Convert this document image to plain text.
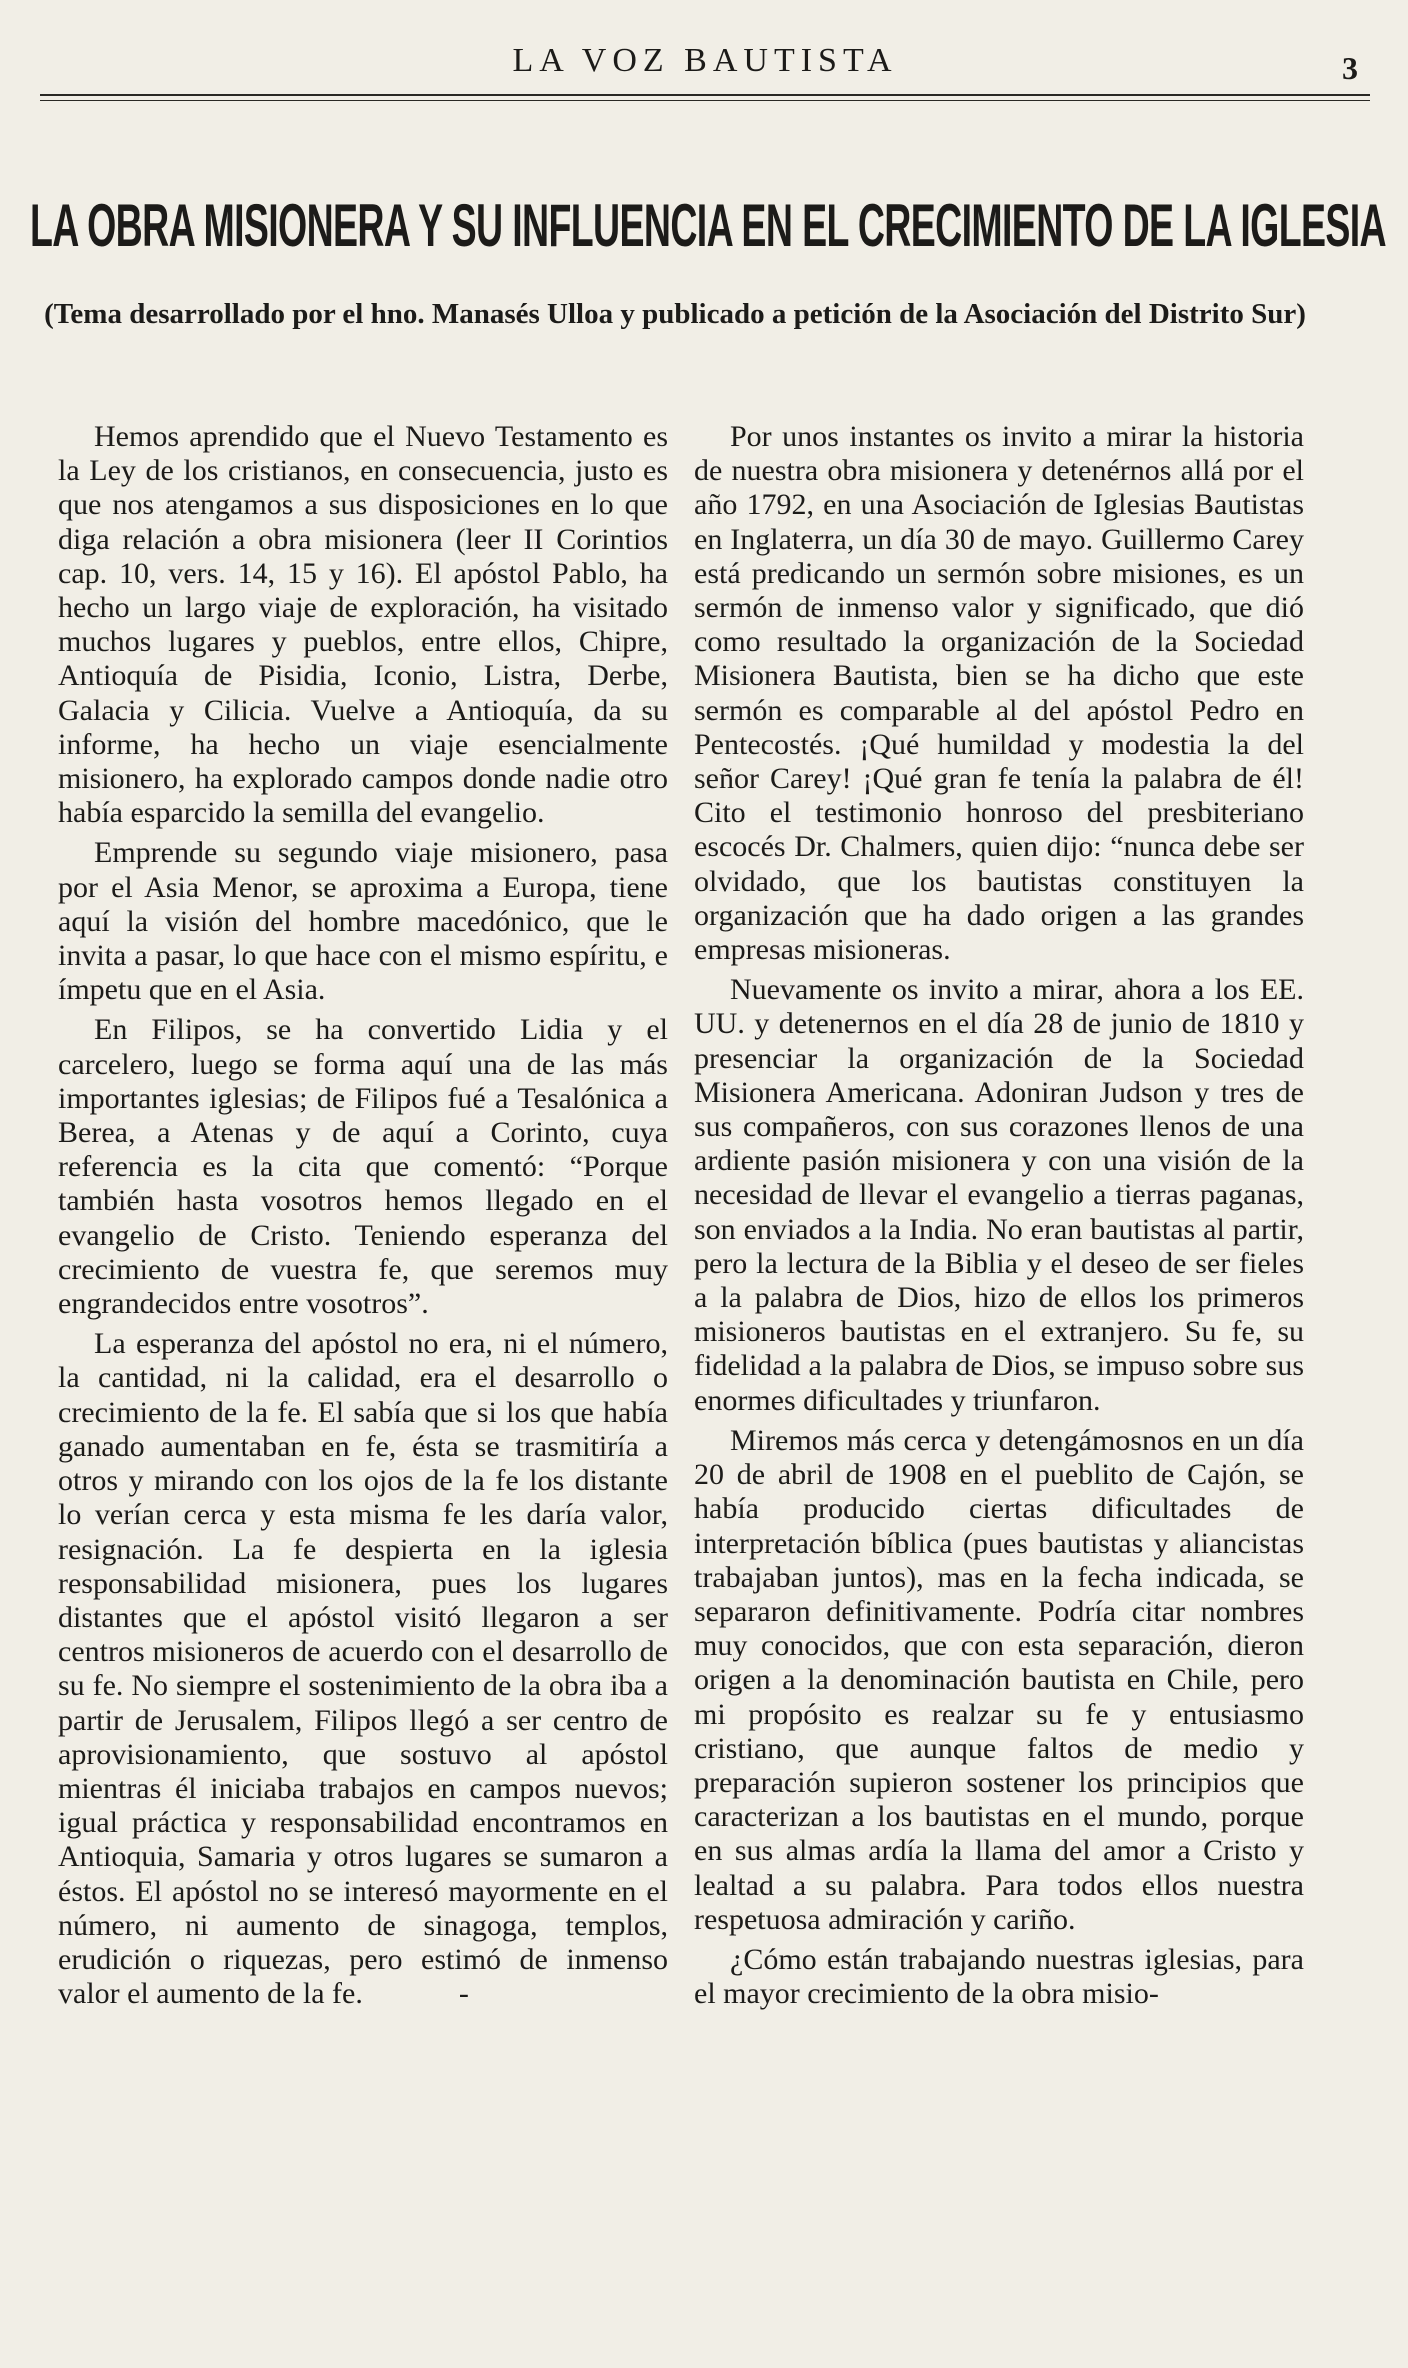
LA VOZ BAUTISTA	3
LA OBRA MISIONERA Y SU INFLUENCIA EN EL CRECIMIENTO DE LA IGLESIA
(Tema desarrollado por el hno. Manasés Ulloa y publicado a petición de la Asociación del Distrito Sur)

Hemos aprendido que el Nuevo Testamento es la Ley de los cristianos, en consecuencia, justo es que nos atengamos a sus disposiciones en lo que diga relación a obra misionera (leer II Corintios cap. 10, vers. 14, 15 y 16). El apóstol Pablo, ha hecho un largo viaje de exploración, ha visitado muchos lugares y pueblos, entre ellos, Chipre, Antioquía de Pisidia, Iconio, Listra, Derbe, Galacia y Cilicia. Vuelve a Antioquía, da su informe, ha hecho un viaje esencialmente misionero, ha explorado campos donde nadie otro había esparcido la semilla del evangelio.

Emprende su segundo viaje misionero, pasa por el Asia Menor, se aproxima a Europa, tiene aquí la visión del hombre macedónico, que le invita a pasar, lo que hace con el mismo espíritu, e ímpetu que en el Asia.

En Filipos, se ha convertido Lidia y el carcelero, luego se forma aquí una de las más importantes iglesias; de Filipos fué a Tesalónica a Berea, a Atenas y de aquí a Corinto, cuya referencia es la cita que comentó: “Porque también hasta vosotros hemos llegado en el evangelio de Cristo. Teniendo esperanza del crecimiento de vuestra fe, que seremos muy engrandecidos entre vosotros”.

La esperanza del apóstol no era, ni el número, la cantidad, ni la calidad, era el desarrollo o crecimiento de la fe. El sabía que si los que había ganado aumentaban en fe, ésta se trasmitiría a otros y mirando con los ojos de la fe los distante lo verían cerca y esta misma fe les daría valor, resignación. La fe despierta en la iglesia responsabilidad misionera, pues los lugares distantes que el apóstol visitó llegaron a ser centros misioneros de acuerdo con el desarrollo de su fe. No siempre el sostenimiento de la obra iba a partir de Jerusalem, Filipos llegó a ser centro de aprovisionamiento, que sostuvo al apóstol mientras él iniciaba trabajos en campos nuevos; igual práctica y responsabilidad encontramos en Antioquia, Samaria y otros lugares se sumaron a éstos. El apóstol no se interesó mayormente en el número, ni aumento de sinagoga, templos, erudición o riquezas, pero estimó de inmenso valor el aumento de la fe.	-

Por unos instantes os invito a mirar la historia de nuestra obra misionera y detenérnos allá por el año 1792, en una Asociación de Iglesias Bautistas en Inglaterra, un día 30 de mayo. Guillermo Carey está predicando un sermón sobre misiones, es un sermón de inmenso valor y significado, que dió como resultado la organización de la Sociedad Misionera Bautista, bien se ha dicho que este sermón es comparable al del apóstol Pedro en Pentecostés. ¡Qué humildad y modestia la del señor Carey! ¡Qué gran fe tenía la palabra de él! Cito el testimonio honroso del presbiteriano escocés Dr. Chalmers, quien dijo: “nunca debe ser olvidado, que los bautistas constituyen la organización que ha dado origen a las grandes empresas misioneras.

Nuevamente os invito a mirar, ahora a los EE. UU. y detenernos en el día 28 de junio de 1810 y presenciar la organización de la Sociedad Misionera Americana. Adoniran Judson y tres de sus compañeros, con sus corazones llenos de una ardiente pasión misionera y con una visión de la necesidad de llevar el evangelio a tierras paganas, son enviados a la India. No eran bautistas al partir, pero la lectura de la Biblia y el deseo de ser fieles a la palabra de Dios, hizo de ellos los primeros misioneros bautistas en el extranjero. Su fe, su fidelidad a la palabra de Dios, se impuso sobre sus enormes dificultades y triunfaron.

Miremos más cerca y detengámosnos en un día 20 de abril de 1908 en el pueblito de Cajón, se había producido ciertas dificultades de interpretación bíblica (pues bautistas y aliancistas trabajaban juntos), mas en la fecha indicada, se separaron definitivamente. Podría citar nombres muy conocidos, que con esta separación, dieron origen a la denominación bautista en Chile, pero mi propósito es realzar su fe y entusiasmo cristiano, que aunque faltos de medio y preparación supieron sostener los principios que caracterizan a los bautistas en el mundo, porque en sus almas ardía la llama del amor a Cristo y lealtad a su palabra. Para todos ellos nuestra respetuosa admiración y cariño.

¿Cómo están trabajando nuestras iglesias, para el mayor crecimiento de la obra misio-
